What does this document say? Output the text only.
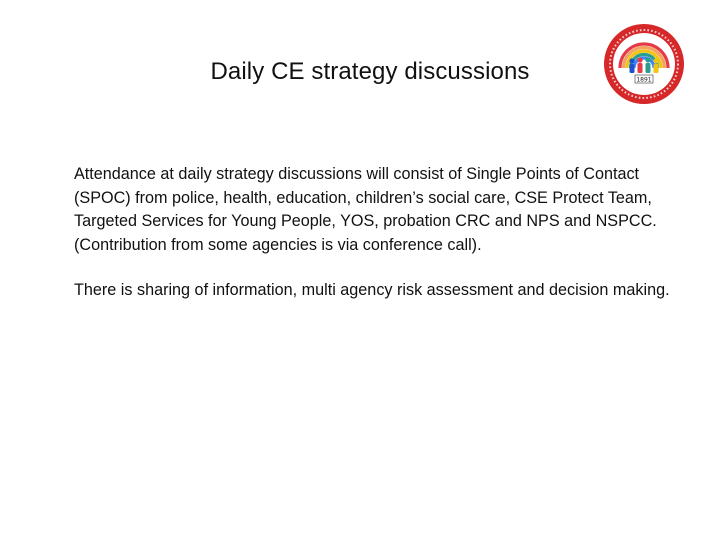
Daily CE strategy discussions	1891

Attendance at daily strategy discussions will consist of Single Points of Contact (SPOC) from police, health, education, children’s social care, CSE Protect Team, Targeted Services for Young People, YOS, probation CRC and NPS and NSPCC. (Contribution from some agencies is via conference call).

There is sharing of information, multi agency risk assessment and decision making.
